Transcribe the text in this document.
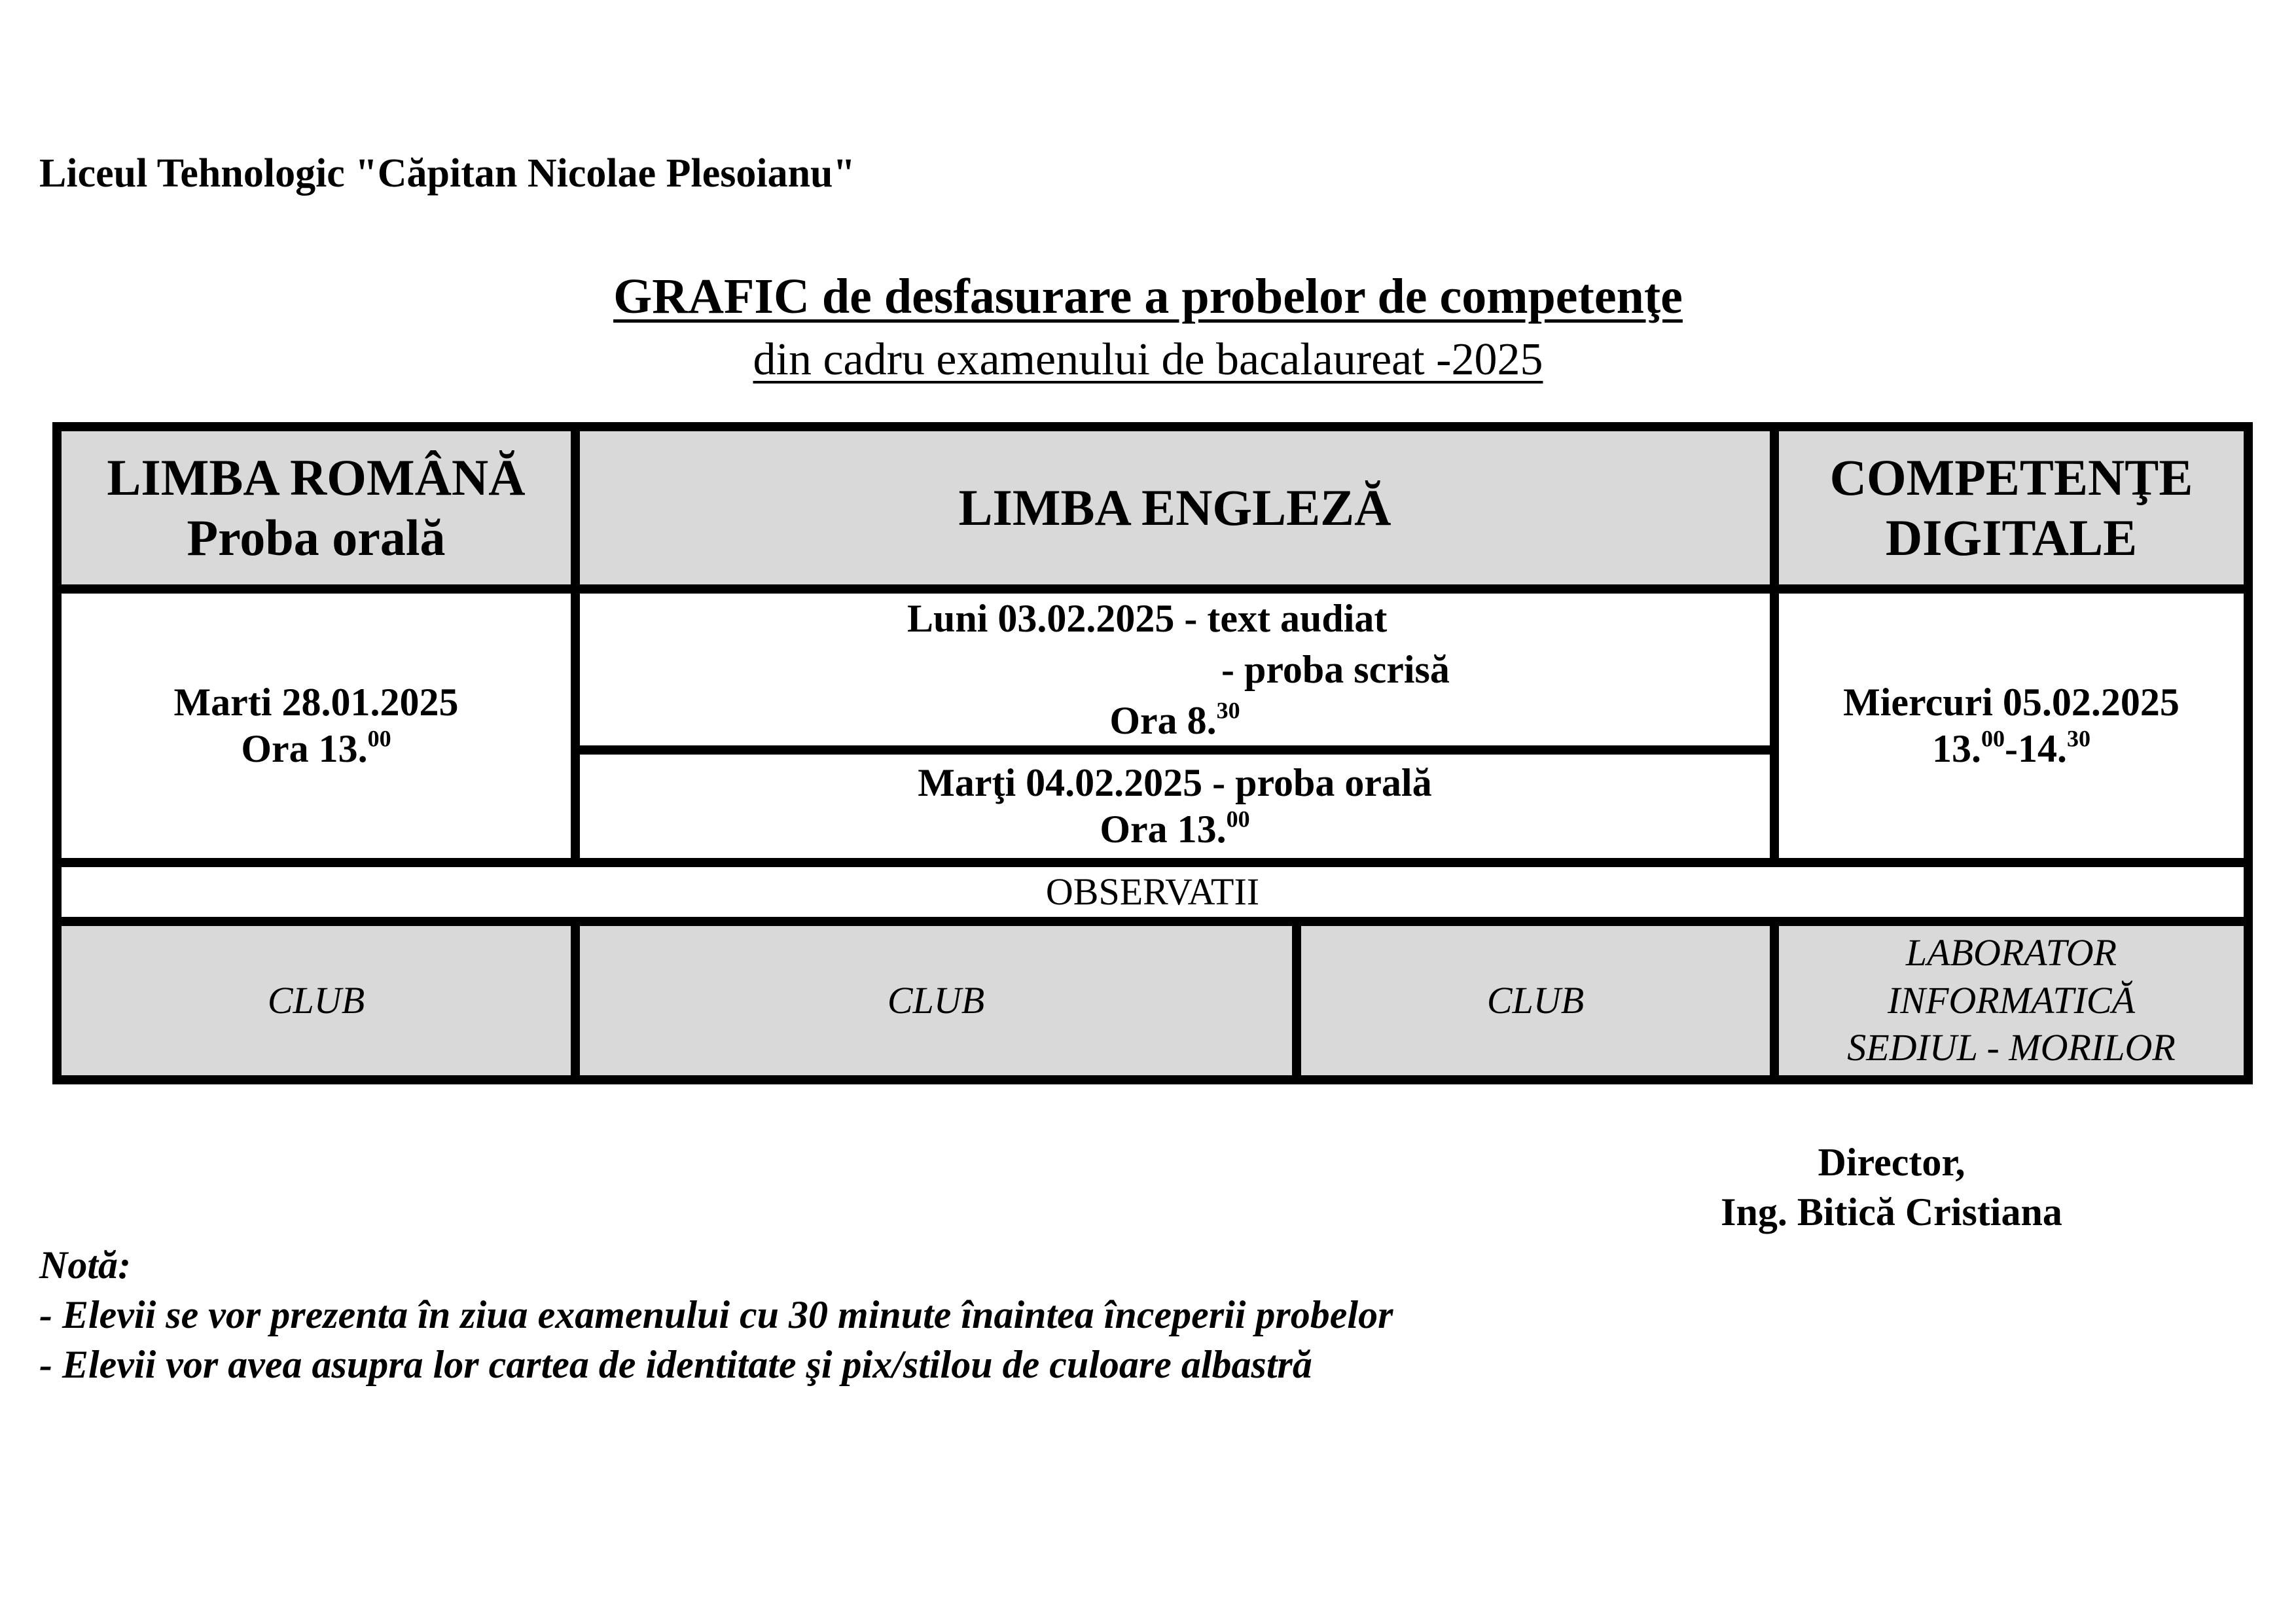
Liceul Tehnologic "Căpitan Nicolae Plesoianu"
GRAFIC de desfasurare a probelor de competenţe
din cadru examenului de bacalaureat -2025
LIMBA ROMÂNĂ
Proba orală
LIMBA ENGLEZĂ
COMPETENŢE
DIGITALE
Marti 28.01.2025
Ora 13.00
Luni 03.02.2025 - text audiat
- proba scrisă
Ora 8.30
Marţi 04.02.2025 - proba orală
Ora 13.00
Miercuri 05.02.2025
13.00-14.30
OBSERVATII
CLUB	CLUB	CLUB
LABORATOR
INFORMATICĂ
SEDIUL - MORILOR
Director,
Ing. Bitică Cristiana
Notă:
- Elevii se vor prezenta în ziua examenului cu 30 minute înaintea începerii probelor
- Elevii vor avea asupra lor cartea de identitate şi pix/stilou de culoare albastră
